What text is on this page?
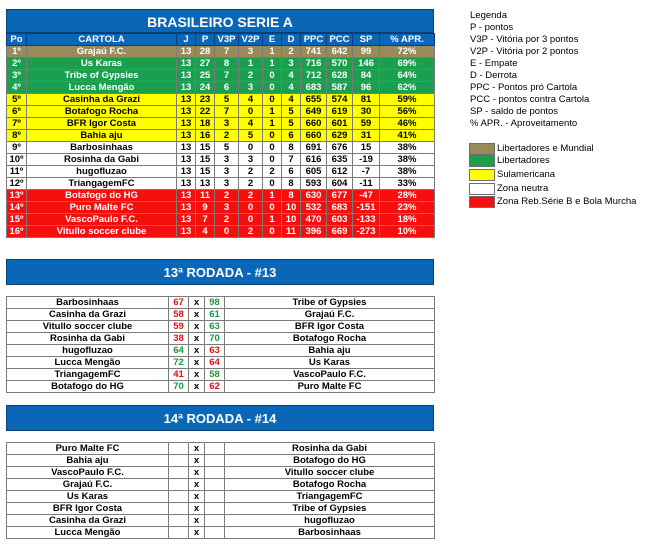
BRASILEIRO SERIE A
Po	CARTOLA	J	P	V3P	V2P	E	D	PPC	PCC	SP	% APR.
1º	Grajaú F.C.	13	28	7	3	1	2	741	642	99	72%
2º	Us Karas	13	27	8	1	1	3	716	570	146	69%
3º	Tribe of Gypsies	13	25	7	2	0	4	712	628	84	64%
4º	Lucca Mengão	13	24	6	3	0	4	683	587	96	62%
5º	Casinha da Grazi	13	23	5	4	0	4	655	574	81	59%
6º	Botafogo Rocha	13	22	7	0	1	5	649	619	30	56%
7º	BFR Igor Costa	13	18	3	4	1	5	660	601	59	46%
8º	Bahia aju	13	16	2	5	0	6	660	629	31	41%
9º	Barbosinhaas	13	15	5	0	0	8	691	676	15	38%
10º	Rosinha da Gabi	13	15	3	3	0	7	616	635	-19	38%
11º	hugofluzao	13	15	3	2	2	6	605	612	-7	38%
12º	TriangagemFC	13	13	3	2	0	8	593	604	-11	33%
13º	Botafogo do HG	13	11	2	2	1	8	630	677	-47	28%
14º	Puro Malte FC	13	9	3	0	0	10	532	683	-151	23%
15º	VascoPaulo F.C.	13	7	2	0	1	10	470	603	-133	18%
16º	Vitullo soccer clube	13	4	0	2	0	11	396	669	-273	10%
Legenda
P - pontos
V3P - Vitória por 3 pontos
V2P - Vitória por 2 pontos
E - Empate
D - Derrota
PPC - Pontos pró Cartola
PCC - pontos contra Cartola
SP - saldo de pontos
% APR. - Aproveitamento
Libertadores e Mundial
Libertadores
Sulamericana
Zona neutra
Zona Reb.Série B e Bola Murcha
13ª RODADA - #13
Barbosinhaas	67	x	98	Tribe of Gypsies
Casinha da Grazi	58	x	61	Grajaú F.C.
Vitullo soccer clube	59	x	63	BFR Igor Costa
Rosinha da Gabi	38	x	70	Botafogo Rocha
hugofluzao	64	x	63	Bahia aju
Lucca Mengão	72	x	64	Us Karas
TriangagemFC	41	x	58	VascoPaulo F.C.
Botafogo do HG	70	x	62	Puro Malte FC
14ª RODADA - #14
Puro Malte FC		x		Rosinha da Gabi
Bahia aju		x		Botafogo do HG
VascoPaulo F.C.		x		Vitullo soccer clube
Grajaú F.C.		x		Botafogo Rocha
Us Karas		x		TriangagemFC
BFR Igor Costa		x		Tribe of Gypsies
Casinha da Grazi		x		hugofluzao
Lucca Mengão		x		Barbosinhaas
